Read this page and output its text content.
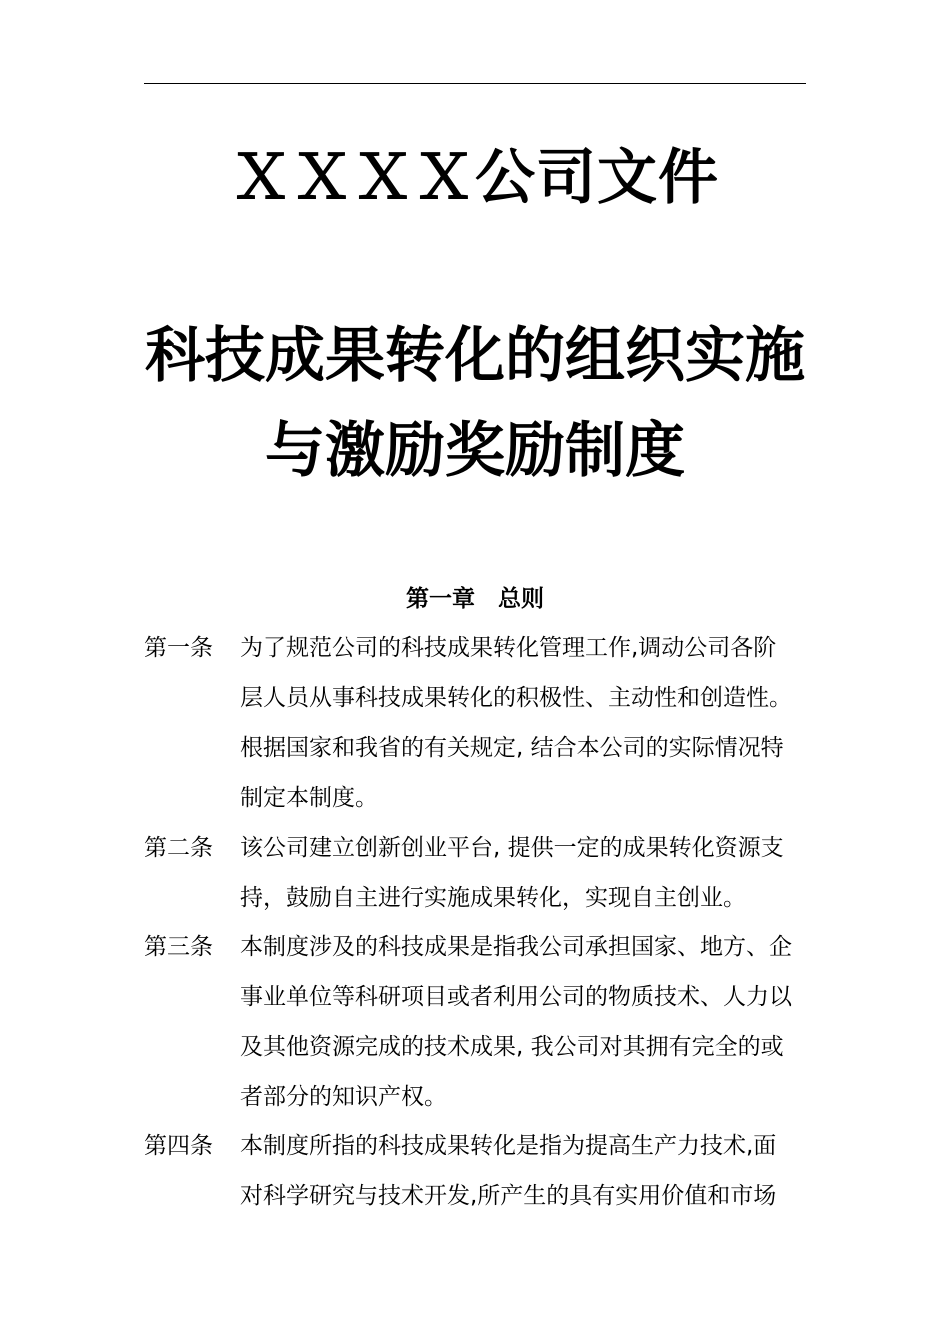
ＸＸＸＸ公司文件
科技成果转化的组织实施
与激励奖励制度
第一章　总则
第一条 为了规范公司的科技成果转化管理工作,调动公司各阶
层人员从事科技成果转化的积极性、主动性和创造性。
根据国家和我省的有关规定, 结合本公司的实际情况特
制定本制度。
第二条 该公司建立创新创业平台, 提供一定的成果转化资源支
持，鼓励自主进行实施成果转化，实现自主创业。
第三条 本制度涉及的科技成果是指我公司承担国家、地方、企
事业单位等科研项目或者利用公司的物质技术、人力以
及其他资源完成的技术成果, 我公司对其拥有完全的或
者部分的知识产权。
第四条 本制度所指的科技成果转化是指为提高生产力技术,面
对科学研究与技术开发,所产生的具有实用价值和市场
